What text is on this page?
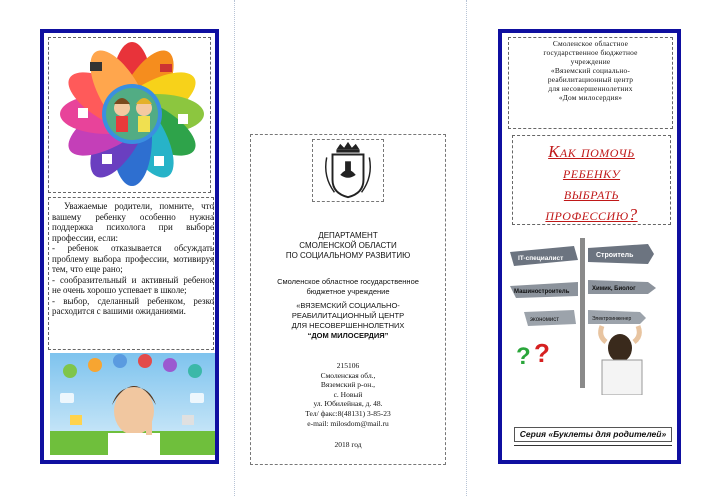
Уважаемые родители, помните, что вашему ребенку особенно нужна поддержка психолога при выборе профессии, если:

- ребенок отказывается обсуждать проблему выбора профессии, мотивируя тем, что еще рано;

- сообразительный и активный ребенок не очень хорошо успевает в школе;

- выбор, сделанный ребенком, резко расходится с вашими ожиданиями.

ДЕПАРТАМЕНТ
СМОЛЕНСКОЙ ОБЛАСТИ
ПО СОЦИАЛЬНОМУ РАЗВИТИЮ
Смоленское областное государственное
бюджетное учреждение
«ВЯЗЕМСКИЙ СОЦИАЛЬНО-
РЕАБИЛИТАЦИОННЫЙ ЦЕНТР
ДЛЯ НЕСОВЕРШЕННОЛЕТНИХ
“ДОМ МИЛОСЕРДИЯ”
215106
Смоленская обл.,
Вяземский р-он.,
с. Новый
ул. Юбилейная, д. 48.
Тел/ факс:8(48131) 3-85-23
e-mail: milosdom@mail.ru
2018 год
Смоленское областное
государственное бюджетное
учреждение
«Вяземский социально-
реабилитационный центр
для несовершеннолетних
«Дом милосердия»
Как помочь
ребенку
выбрать
профессию?
IT-специалист	Строитель
Машиностроитель	Химик, Биолог
экономист	Электроинженер
? ?
Серия «Буклеты для родителей»
